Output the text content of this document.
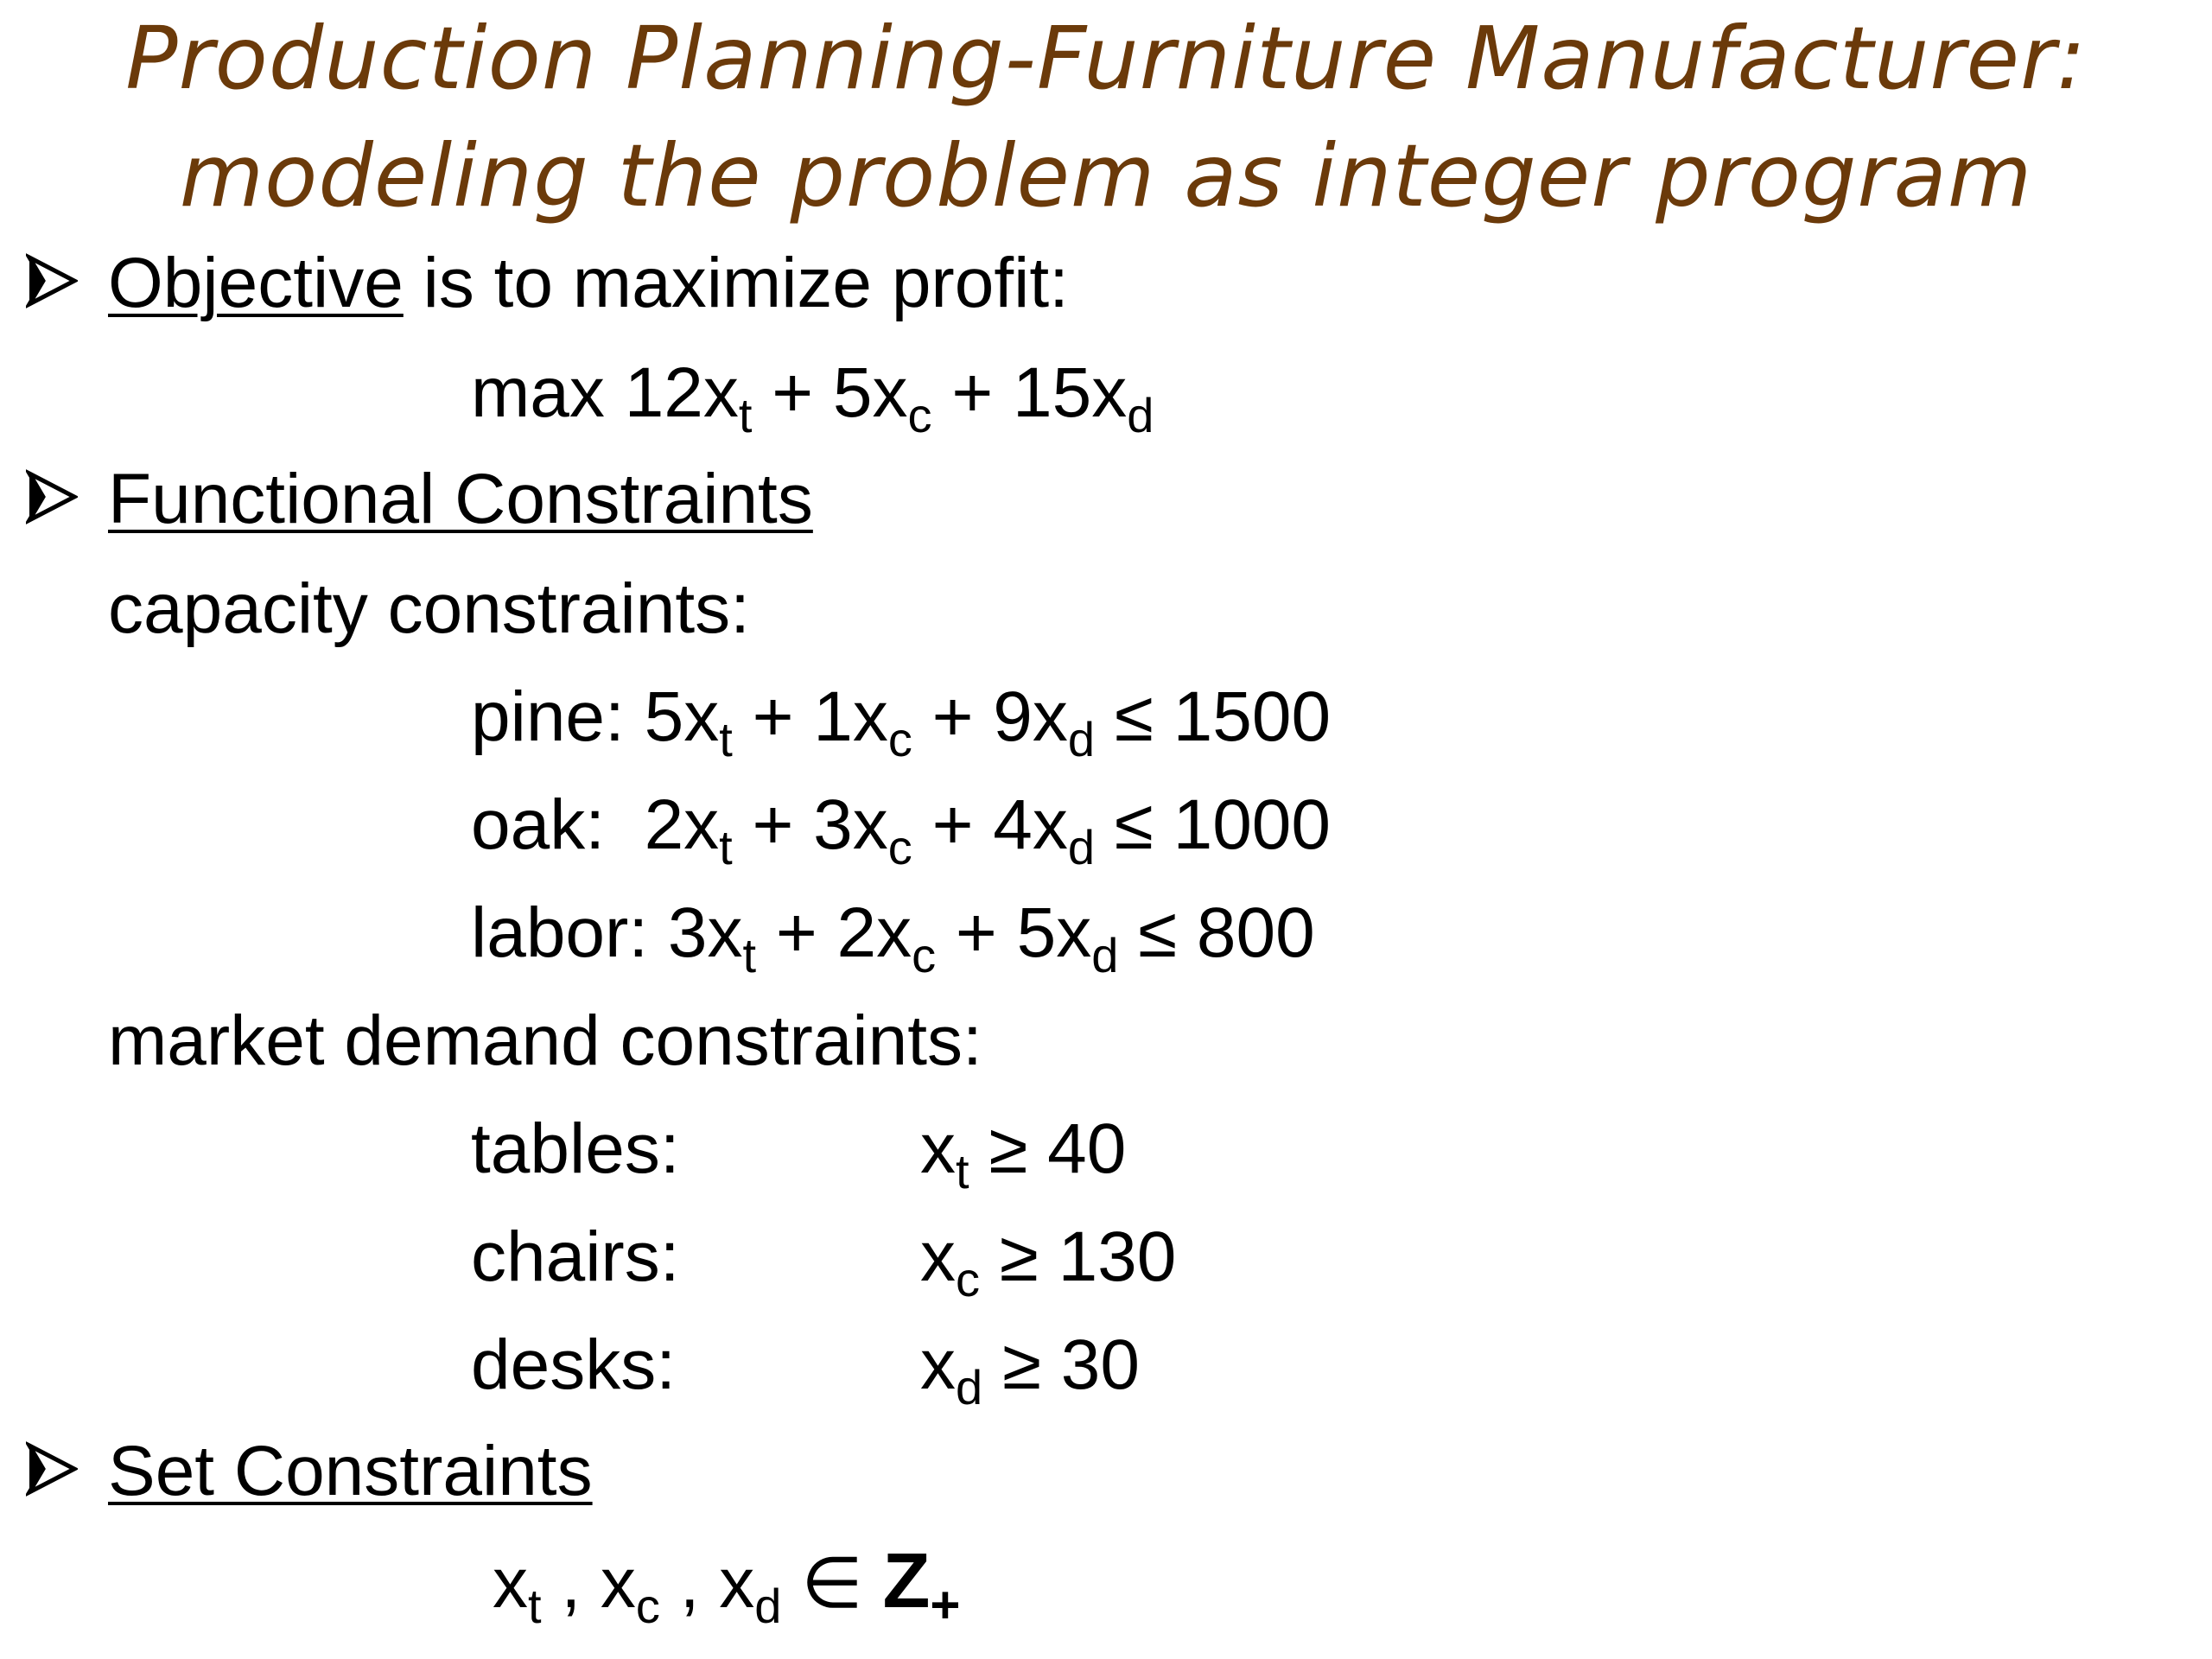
Production Planning-Furniture Manufacturer:
modeling the problem as integer program
Objective is to maximize profit:
$\max 12x_t + 5x_c + 15x_d$
Functional Constraints
capacity constraints:
pine: $5x_t + 1x_c + 9x_d \le 1500$
oak:  $2x_t + 3x_c + 4x_d \le 1000$
labor: $3x_t + 2x_c + 5x_d \le 800$
market demand constraints:
tables:	$x_t \ge 40$
chairs:	$x_c \ge 130$
desks:	$x_d \ge 30$
Set Constraints
$x_t$ , $x_c$ , $x_d$ ∈ $Z_+$
